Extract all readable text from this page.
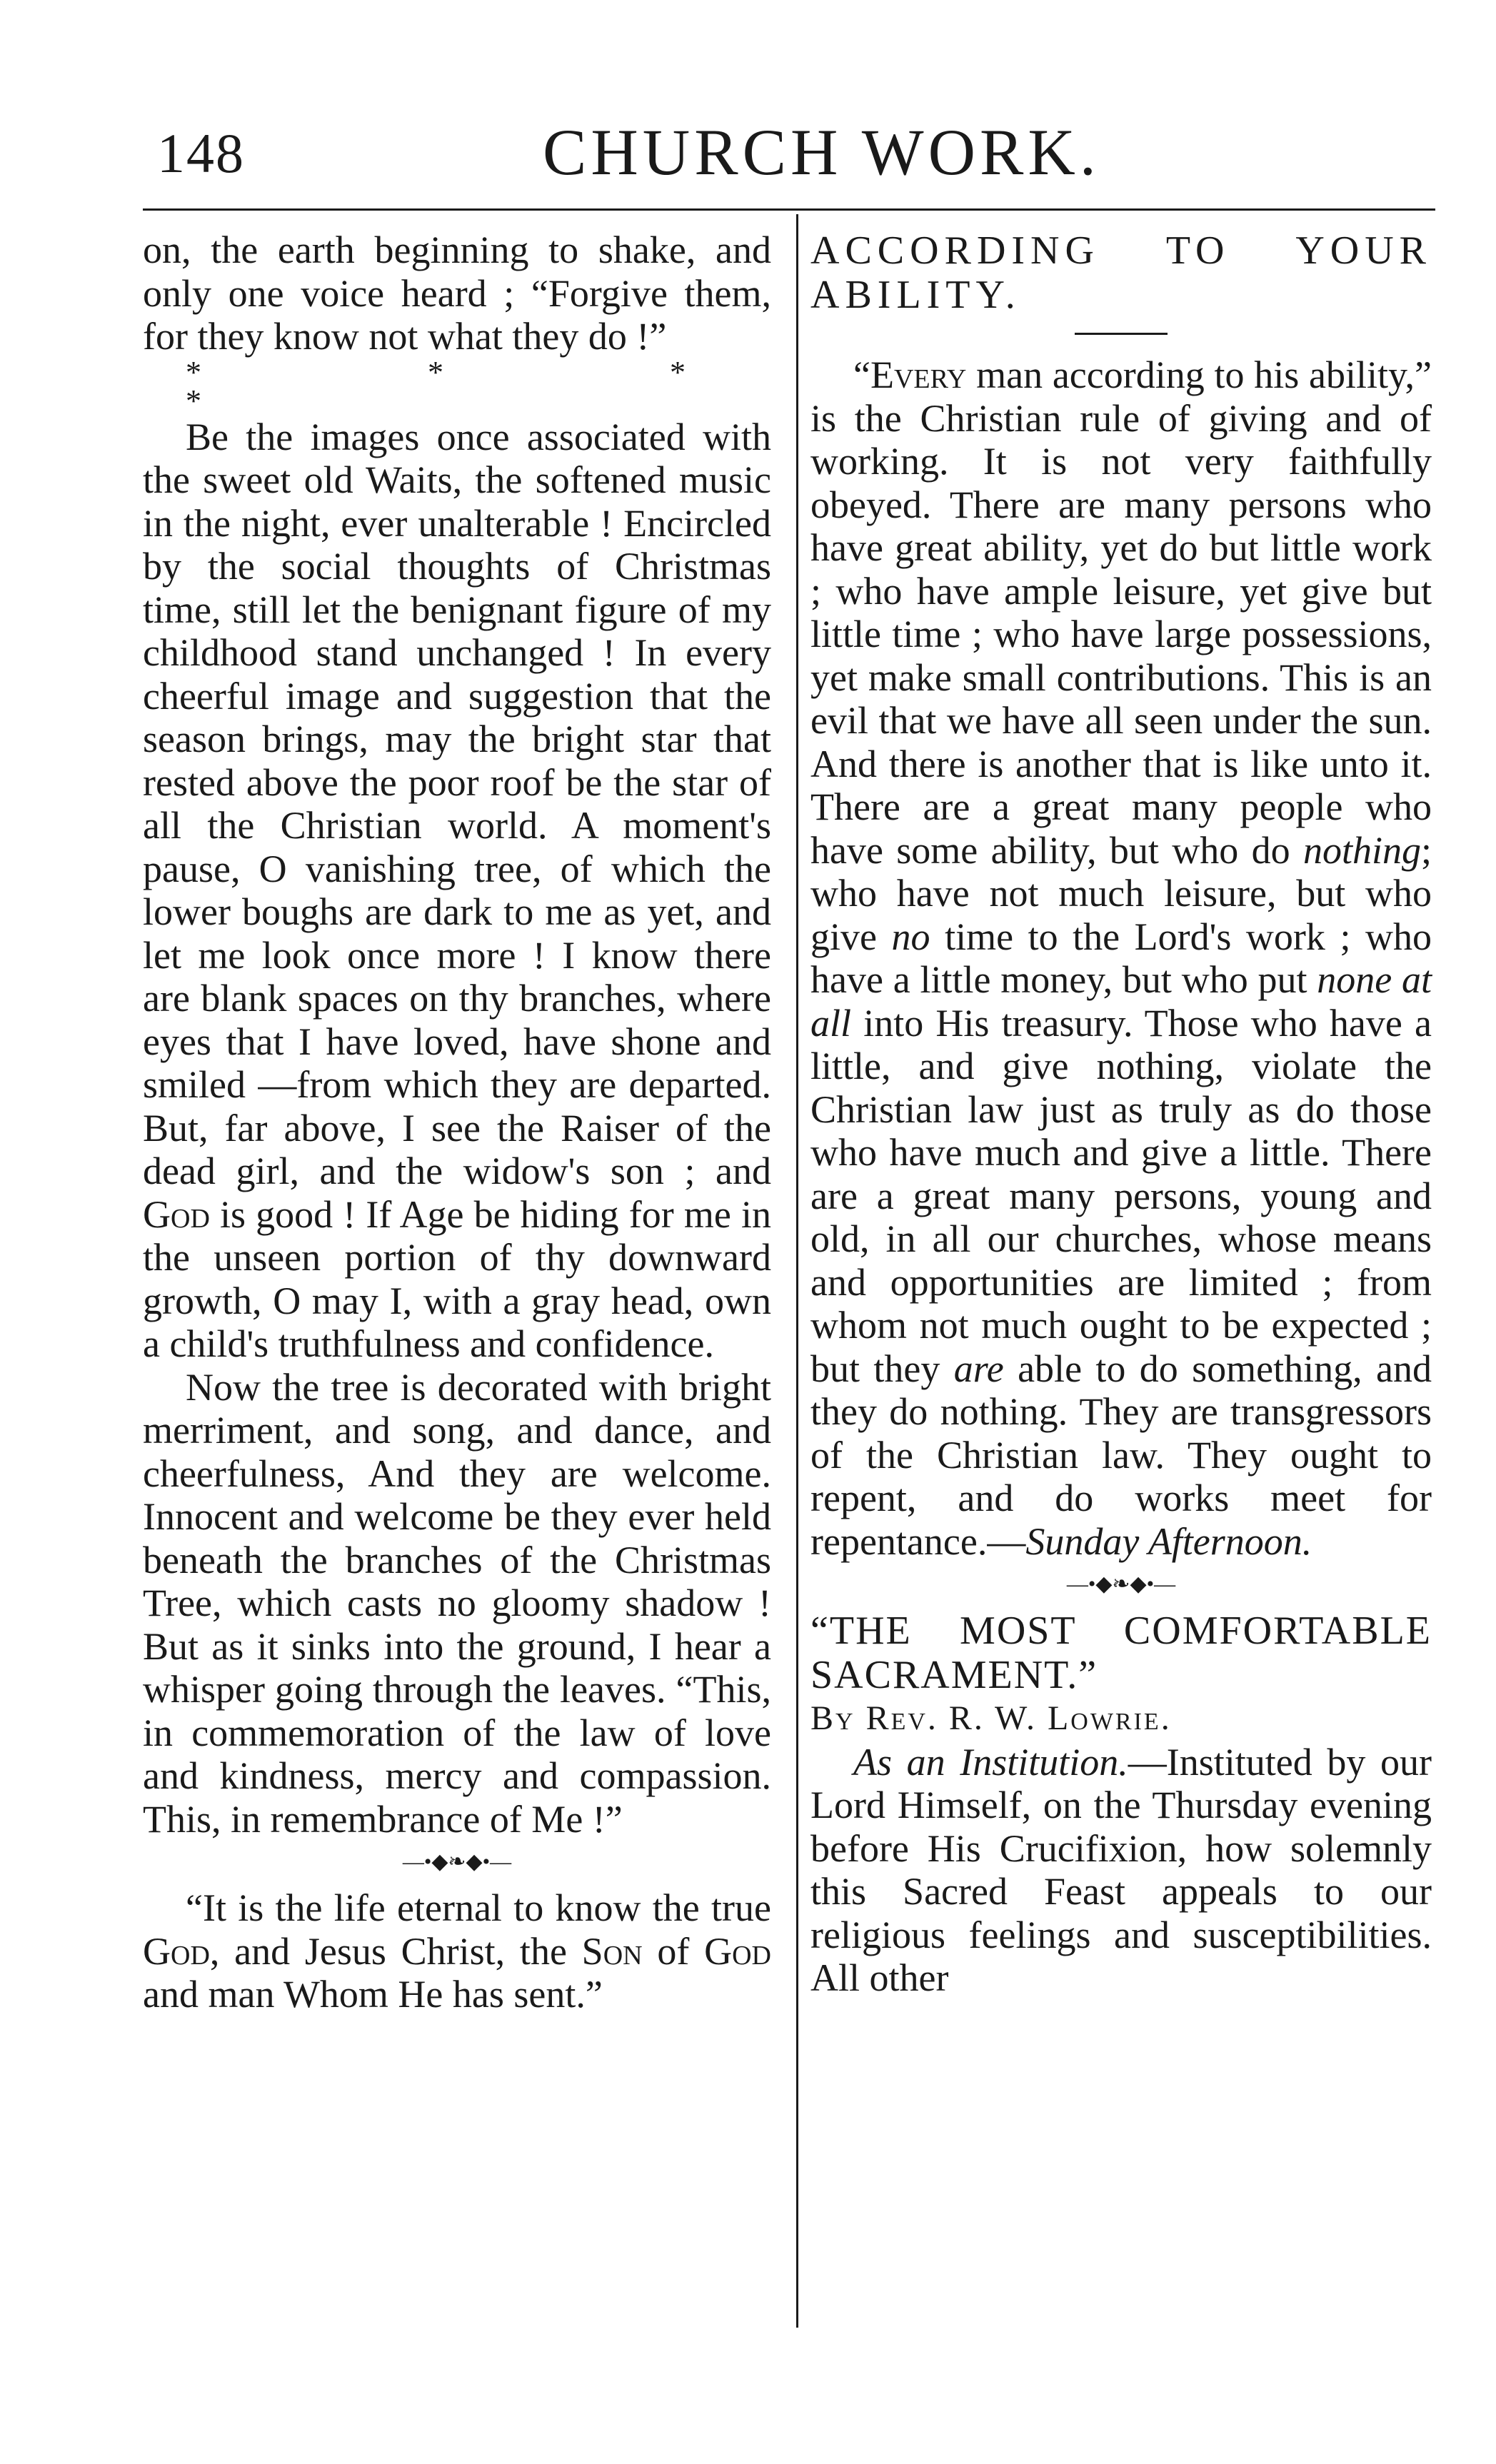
148	CHURCH WORK.

on, the earth beginning to shake, and only one voice heard ; “Forgive them, for they know not what they do !”

* * * *

Be the images once associated with the sweet old Waits, the softened music in the night, ever unalterable ! Encircled by the social thoughts of Christmas time, still let the benignant figure of my childhood stand unchanged ! In every cheerful image and suggestion that the season brings, may the bright star that rested above the poor roof be the star of all the Christian world. A moment's pause, O vanishing tree, of which the lower boughs are dark to me as yet, and let me look once more ! I know there are blank spaces on thy branches, where eyes that I have loved, have shone and smiled —from which they are departed. But, far above, I see the Raiser of the dead girl, and the widow's son ; and God is good ! If Age be hiding for me in the unseen portion of thy downward growth, O may I, with a gray head, own a child's truthfulness and confidence.

Now the tree is decorated with bright merriment, and song, and dance, and cheerfulness, And they are welcome. Innocent and welcome be they ever held beneath the branches of the Christmas Tree, which casts no gloomy shadow ! But as it sinks into the ground, I hear a whisper going through the leaves. “This, in commemoration of the law of love and kindness, mercy and compassion. This, in remembrance of Me !”

—•◆❧◆•—

“It is the life eternal to know the true God, and Jesus Christ, the Son of God and man Whom He has sent.”

ACCORDING TO YOUR ABILITY.

“Every man according to his ability,” is the Christian rule of giving and of working. It is not very faithfully obeyed. There are many persons who have great ability, yet do but little work ; who have ample leisure, yet give but little time ; who have large possessions, yet make small contributions. This is an evil that we have all seen under the sun. And there is another that is like unto it. There are a great many people who have some ability, but who do nothing; who have not much leisure, but who give no time to the Lord's work ; who have a little money, but who put none at all into His treasury. Those who have a little, and give nothing, violate the Christian law just as truly as do those who have much and give a little. There are a great many persons, young and old, in all our churches, whose means and opportunities are limited ; from whom not much ought to be expected ; but they are able to do something, and they do nothing. They are transgressors of the Christian law. They ought to repent, and do works meet for repentance.—Sunday Afternoon.

—•◆❧◆•—

“THE MOST COMFORTABLE SACRAMENT.”

By Rev. R. W. Lowrie.

As an Institution.—Instituted by our Lord Himself, on the Thursday evening before His Crucifixion, how solemnly this Sacred Feast appeals to our religious feelings and susceptibilities. All other
